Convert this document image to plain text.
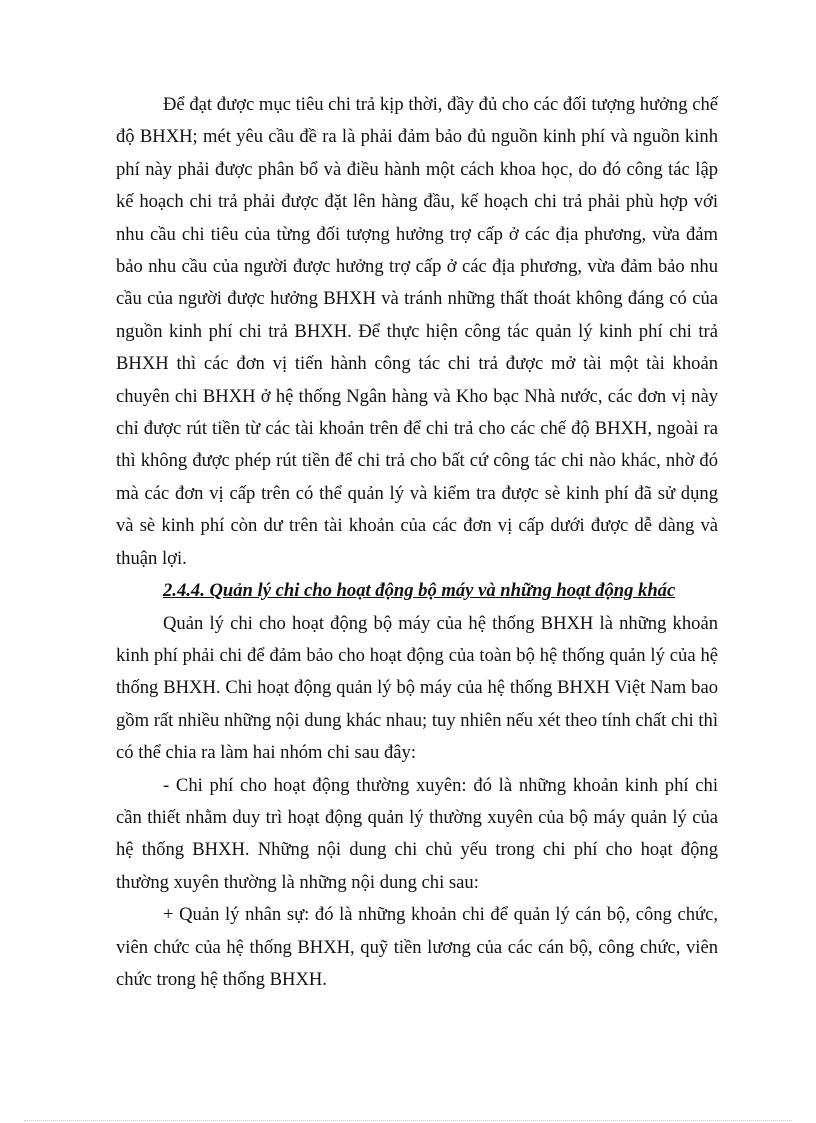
Để đạt được mục tiêu chi trả kịp thời, đầy đủ cho các đối tượng hưởng chế độ BHXH; mét yêu cầu đề ra là phải đảm bảo đủ nguồn kinh phí và nguồn kinh phí này phải được phân bổ và điều hành một cách khoa học, do đó công tác lập kế hoạch chi trả phải được đặt lên hàng đầu, kế hoạch chi trả phải phù hợp với nhu cầu chi tiêu của từng đối tượng hưởng trợ cấp ở các địa phương, vừa đảm bảo nhu cầu của người được hưởng trợ cấp ở các địa phương, vừa đảm bảo nhu cầu của người được hưởng BHXH và tránh những thất thoát không đáng có của nguồn kinh phí chi trả BHXH. Để thực hiện công tác quản lý kinh phí chi trả BHXH thì các đơn vị tiến hành công tác chi trả được mở tài một tài khoản chuyên chi BHXH ở hệ thống Ngân hàng và Kho bạc Nhà nước, các đơn vị này chỉ được rút tiền từ các tài khoản trên để chi trả cho các chế độ BHXH, ngoài ra thì không được phép rút tiền để chi trả cho bất cứ công tác chi nào khác, nhờ đó mà các đơn vị cấp trên có thể quản lý và kiểm tra được sè kinh phí đã sử dụng và sè kinh phí còn dư trên tài khoản của các đơn vị cấp dưới được dễ dàng và thuận lợi.

2.4.4. Quản lý chi cho hoạt động bộ máy và những hoạt động khác

Quản lý chi cho hoạt động bộ máy của hệ thống BHXH là những khoản kinh phí phải chi để đảm bảo cho hoạt động của toàn bộ hệ thống quản lý của hệ thống BHXH. Chi hoạt động quản lý bộ máy của hệ thống BHXH Việt Nam bao gồm rất nhiều những nội dung khác nhau; tuy nhiên nếu xét theo tính chất chi thì có thể chia ra làm hai nhóm chi sau đây:

- Chi phí cho hoạt động thường xuyên: đó là những khoản kinh phí chi cần thiết nhằm duy trì hoạt động quản lý thường xuyên của bộ máy quản lý của hệ thống BHXH. Những nội dung chi chủ yếu trong chi phí cho hoạt động thường xuyên thường là những nội dung chi sau:

+ Quản lý nhân sự: đó là những khoản chi để quản lý cán bộ, công chức, viên chức của hệ thống BHXH, quỹ tiền lương của các cán bộ, công chức, viên chức trong hệ thống BHXH.
